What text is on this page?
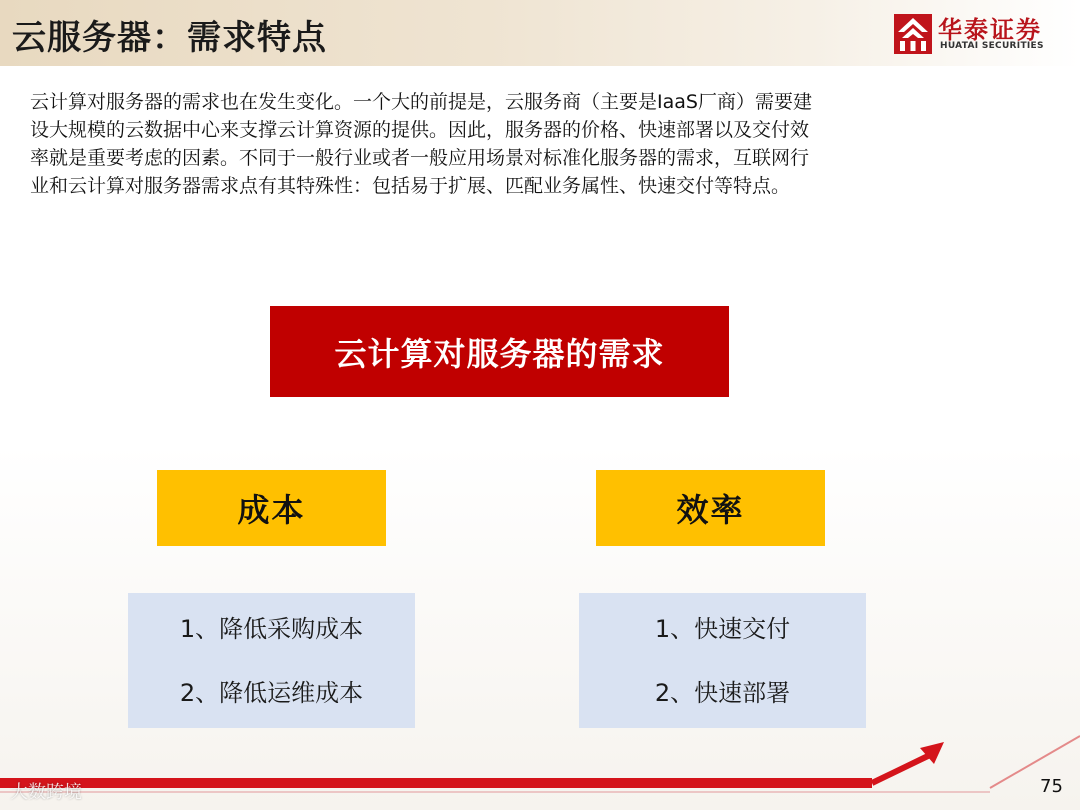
云服务器：需求特点	华泰证券
HUATAI SECURITIES
云计算对服务器的需求也在发生变化。一个大的前提是，云服务商（主要是IaaS厂商）需要建
设大规模的云数据中心来支撑云计算资源的提供。因此，服务器的价格、快速部署以及交付效
率就是重要考虑的因素。不同于一般行业或者一般应用场景对标准化服务器的需求，互联网行
业和云计算对服务器需求点有其特殊性：包括易于扩展、匹配业务属性、快速交付等特点。
云计算对服务器的需求
成本	效率
1、降低采购成本
2、降低运维成本
1、快速交付
2、快速部署
大数跨境	75
